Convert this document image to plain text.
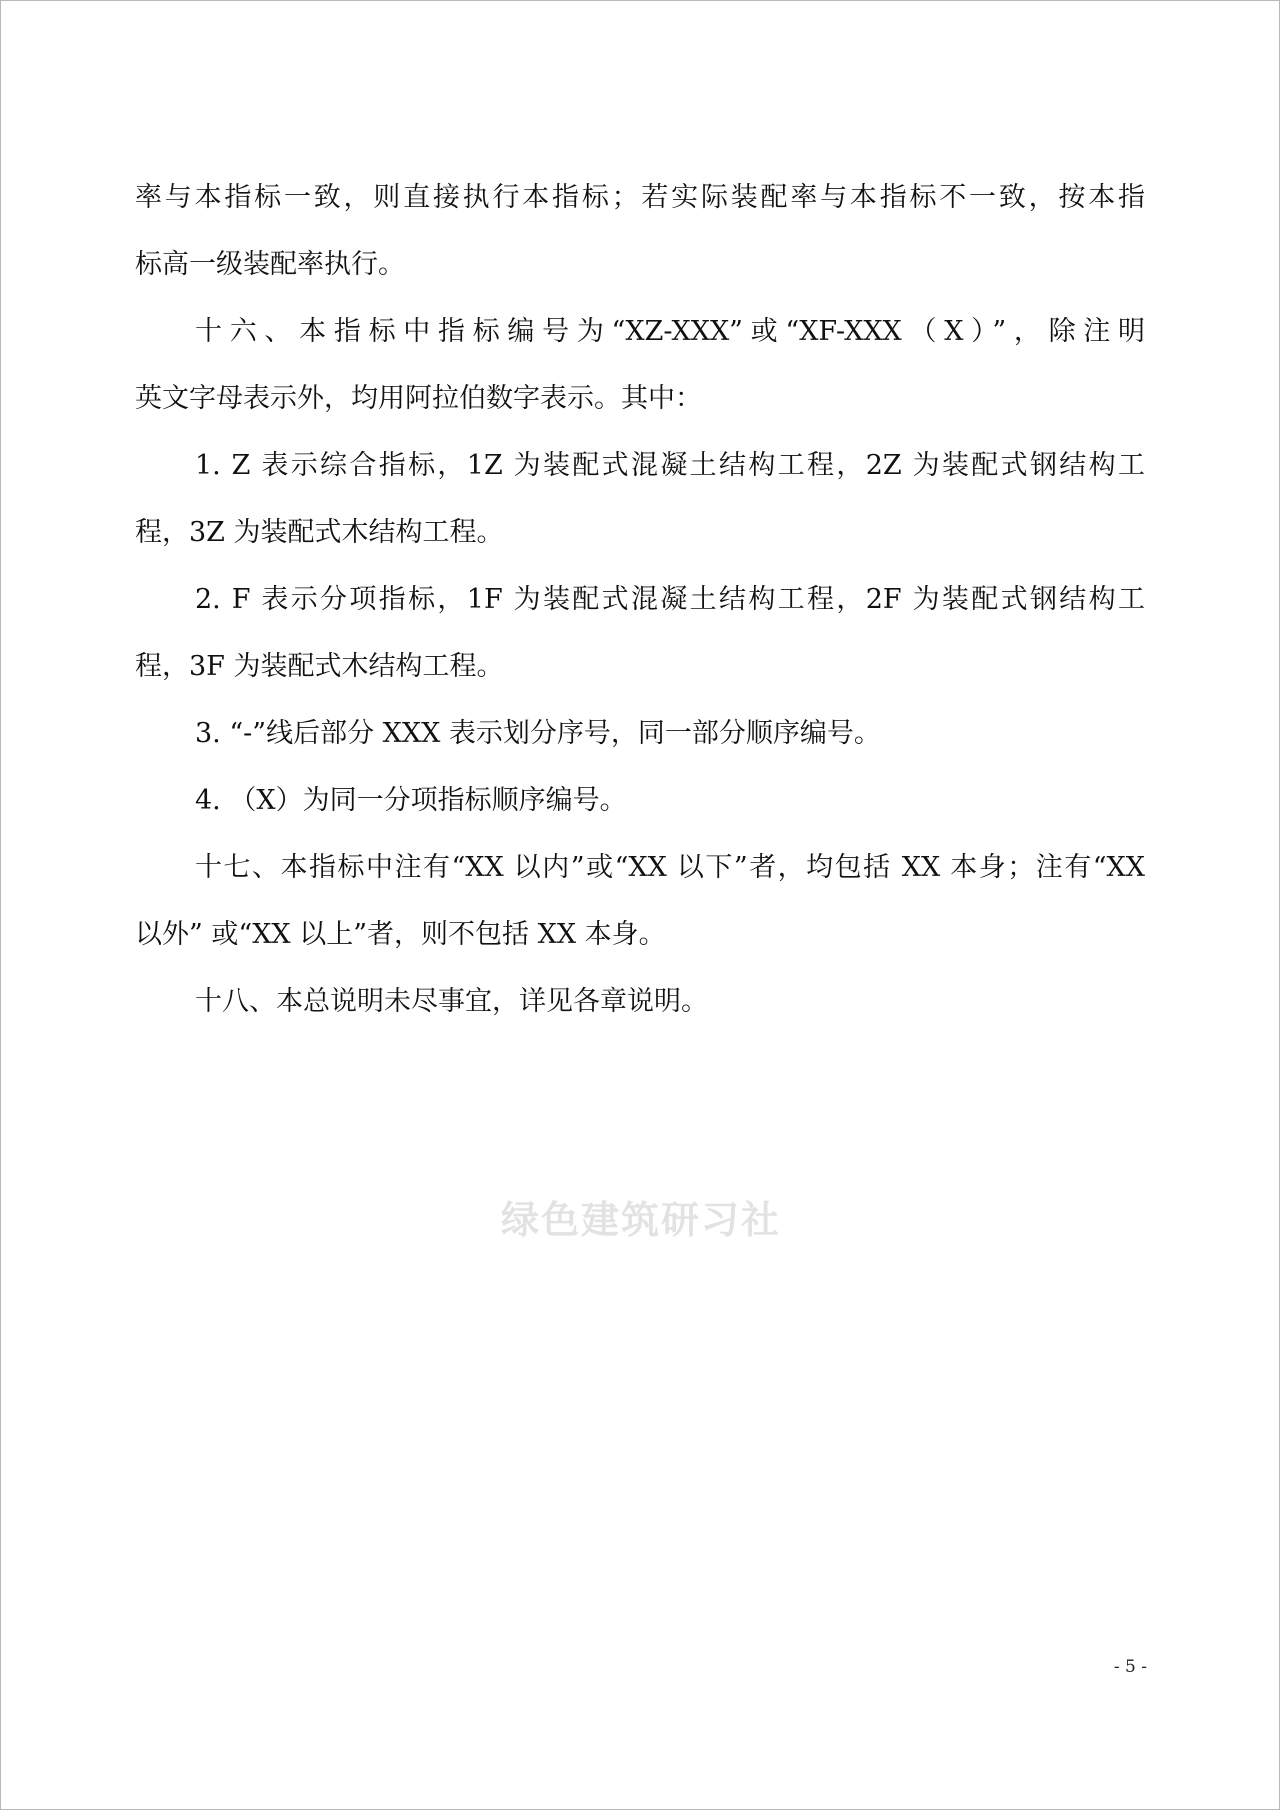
率与本指标一致，则直接执行本指标；若实际装配率与本指标不一致，按本指
标高一级装配率执行。
十六、本指标中指标编号为“XZ-XXX”或“XF-XXX（X）”，除注明
英文字母表示外，均用阿拉伯数字表示。其中：
1. Z 表示综合指标，1Z 为装配式混凝土结构工程，2Z 为装配式钢结构工
程，3Z 为装配式木结构工程。
2. F 表示分项指标，1F 为装配式混凝土结构工程，2F 为装配式钢结构工
程，3F 为装配式木结构工程。
3. “-”线后部分 XXX 表示划分序号，同一部分顺序编号。
4. （X）为同一分项指标顺序编号。
十七、本指标中注有“XX 以内”或“XX 以下”者，均包括 XX 本身；注有“XX
以外” 或“XX 以上”者，则不包括 XX 本身。
十八、本总说明未尽事宜，详见各章说明。
绿色建筑研习社
- 5 -
